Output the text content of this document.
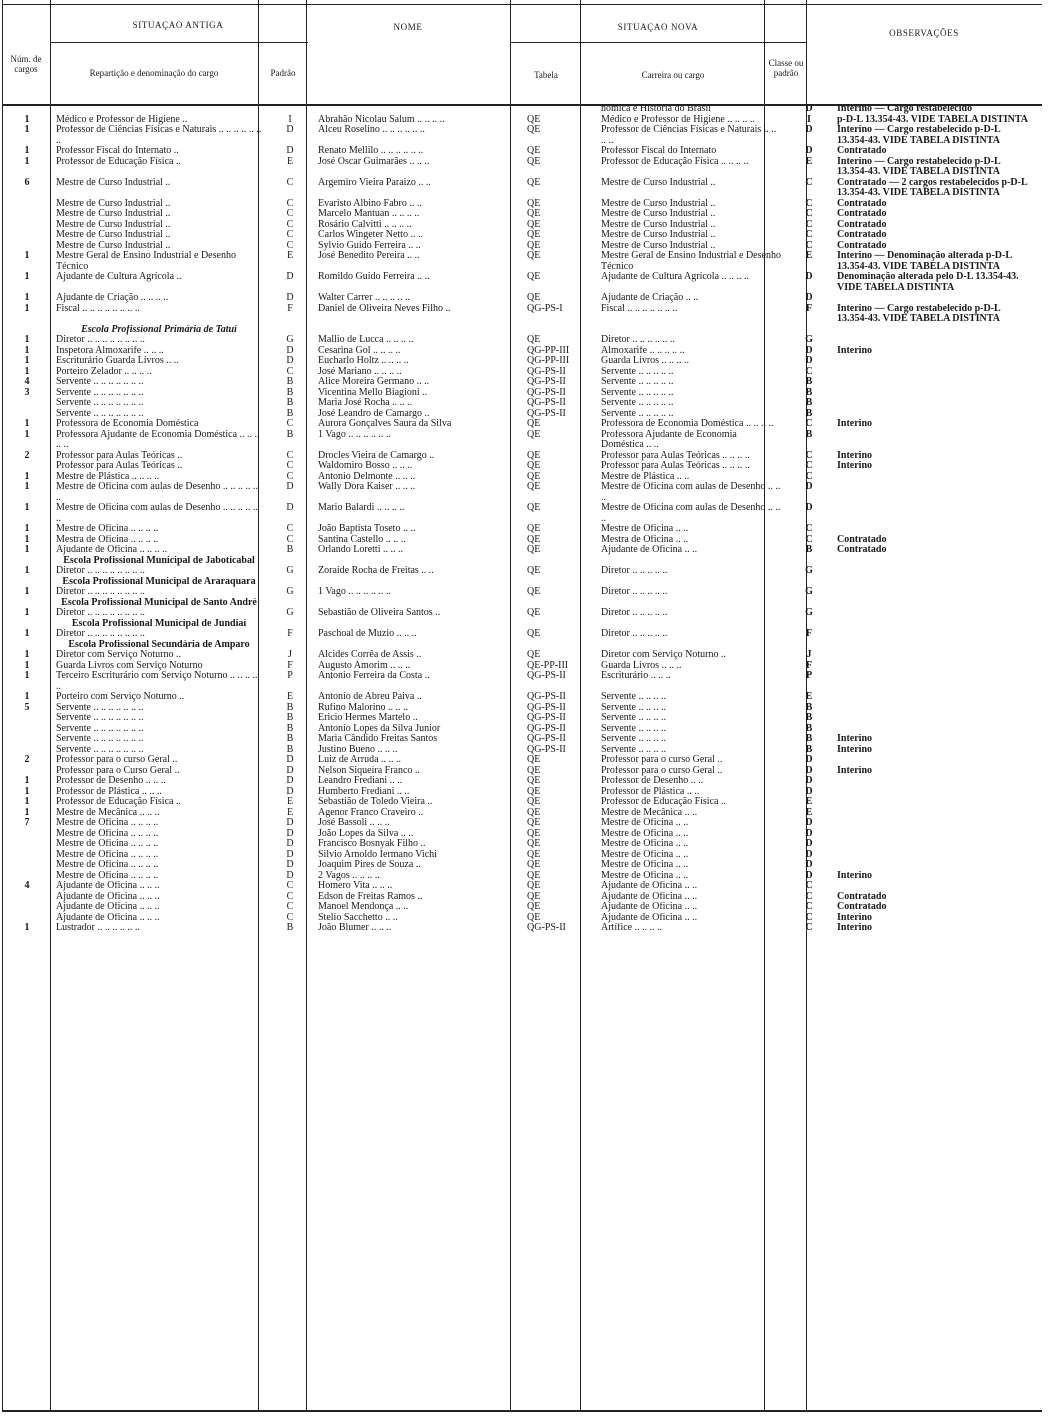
SITUAÇAO ANTIGA	NOME	SITUAÇAO NOVA
OBSERVAÇÕES
Núm. de cargos	Repartição e denominação do cargo	Padrão	Tabela	Carreira ou cargo
Classe ou padrão
					nômica e História do Brasil	D	Interino — Cargo restabelecido
1	Médico e Professor de Higiene ..	I	Abrahão Nicolau Salum .. .. .. ..	QE	Médico e Professor de Higiene .. .. .. ..	I	p-D-L 13.354-43. VIDE TABELA DISTINTA
1	Professor de Ciências Físicas e Naturais .. .. .. .. .. .. ..	D	Alceu Roselino .. .. .. .. .. ..	QE	Professor de Ciências Físicas e Naturais .. .. .. ..	D	Interino — Cargo restabelecido p-D-L 13.354-43. VIDE TABELA DISTINTA
1	Professor Fiscal do Internato ..	D	Renato Mellilo .. .. .. .. .. ..	QE	Professor Fiscal do Internato	D	Contratado
1	Professor de Educação Física ..	E	José Oscar Guimarães .. .. ..	QE	Professor de Educação Física .. .. .. ..	E	Interino — Cargo restabelecido p-D-L 13.354-43. VIDE TABELA DISTINTA
6	Mestre de Curso Industrial ..	C	Argemiro Vieira Paraizo .. ..	QE	Mestre de Curso Industrial ..	C	Contratado — 2 cargos restabelecidos p-D-L 13.354-43. VIDE TABELA DISTINTA
	Mestre de Curso Industrial ..	C	Evaristo Albino Fabro .. ..	QE	Mestre de Curso Industrial ..	C	Contratado
	Mestre de Curso Industrial ..	C	Marcelo Mantuan .. .. .. ..	QE	Mestre de Curso Industrial ..	C	Contratado
	Mestre de Curso Industrial ..	C	Rosário Calvitti .. .. .. ..	QE	Mestre de Curso Industrial ..	C	Contratado
	Mestre de Curso Industrial ..	C	Carlos Wingeter Netto .. ..	QE	Mestre de Curso Industrial ..	C	Contratado
	Mestre de Curso Industrial ..	C	Sylvio Guido Ferreira .. ..	QE	Mestre de Curso Industrial ..	C	Contratado
1	Mestre Geral de Ensino Industrial e Desenho Técnico	E	José Benedito Pereira .. ..	QE	Mestre Geral de Ensino Industrial e Desenho Técnico	E	Interino — Denominação alterada p-D-L 13.354-43. VIDE TABELA DISTINTA
1	Ajudante de Cultura Agrícola ..	D	Romildo Guido Ferreira .. ..	QE	Ajudante de Cultura Agrícola .. .. .. ..	D	Denominação alterada pelo D-L 13.354-43. VIDE TABELA DISTINTA
1	Ajudante de Criação .. .. .. ..	D	Walter Carrer .. .. .. .. ..	QE	Ajudante de Criação .. ..	D	
1	Fiscal .. .. .. .. .. .. .. ..	F	Daniel de Oliveira Neves Filho ..	QG-PS-I	Fiscal .. .. .. .. .. .. ..	F	Interino — Cargo restabelecido p-D-L 13.354-43. VIDE TABELA DISTINTA
	Escola Profissional Primária de Tatuí						
1	Diretor .. .. .. .. .. .. .. ..	G	Mallio de Lucca .. .. .. ..	QE	Diretor .. .. .. .. .. ..	G	
1	Inspetora Almoxarife .. .. ..	D	Cesarina Gol .. .. .. ..	QG-PP-III	Almoxarife .. .. .. .. ..	D	Interino
1	Escriturário Guarda Livros .. ..	D	Eucharlo Holtz .. .. .. ..	QG-PP-III	Guarda Livros .. .. .. ..	D	
1	Porteiro Zelador .. .. .. ..	C	José Mariano .. .. .. ..	QG-PS-II	Servente .. .. .. .. ..	C	
4	Servente .. .. .. .. .. .. ..	B	Alice Moreira Germano .. ..	QG-PS-II	Servente .. .. .. .. ..	B	
3	Servente .. .. .. .. .. .. ..	B	Vicentina Mello Biagioni ..	QG-PS-II	Servente .. .. .. .. ..	B	
	Servente .. .. .. .. .. .. ..	B	Maria José Rocha .. .. ..	QG-PS-II	Servente .. .. .. .. ..	B	
	Servente .. .. .. .. .. .. ..	B	José Leandro de Camargo ..	QG-PS-II	Servente .. .. .. .. ..	B	
1	Professora de Economia Doméstica	C	Aurora Gonçalves Saura da Silva	QE	Professora de Economia Doméstica .. .. .. ..	C	Interino
1	Professora Ajudante de Economia Doméstica .. .. .. .. ..	B	1 Vago .. .. .. .. .. ..	QE	Professora Ajudante de Economia Doméstica .. ..	B	
2	Professor para Aulas Teóricas ..	C	Drocles Vieira de Camargo ..	QE	Professor para Aulas Teóricas .. .. .. ..	C	Interino
	Professor para Aulas Teóricas ..	C	Waldomiro Bosso .. .. ..	QE	Professor para Aulas Teóricas .. .. .. ..	C	Interino
1	Mestre de Plástica .. .. .. ..	C	Antonio Delmonte .. .. ..	QE	Mestre de Plástica .. ..	C	
1	Mestre de Oficina com aulas de Desenho .. .. .. .. .. ..	D	Wally Dora Kaiser .. .. ..	QE	Mestre de Oficina com aulas de Desenho .. .. ..	D	
1	Mestre de Oficina com aulas de Desenho .. .. .. .. .. ..	D	Mario Balardi .. .. .. ..	QE	Mestre de Oficina com aulas de Desenho .. .. ..	D	
1	Mestre de Oficina .. .. .. ..	C	João Baptista Toseto .. ..	QE	Mestre de Oficina .. ..	C	
1	Mestra de Oficina .. .. .. ..	C	Santina Castello .. .. ..	QE	Mestra de Oficina .. ..	C	Contratado
1	Ajudante de Oficina .. .. .. ..	B	Orlando Loretti .. .. ..	QE	Ajudante de Oficina .. ..	B	Contratado
	Escola Profissional Municipal de Jaboticabal						
1	Diretor .. .. .. .. .. .. .. ..	G	Zoraide Rocha de Freitas .. ..	QE	Diretor .. .. .. .. ..	G	
	Escola Profissional Municipal de Araraquara						
1	Diretor .. .. .. .. .. .. .. ..	G	1 Vago .. .. .. .. .. ..	QE	Diretor .. .. .. .. ..	G	
	Escola Profissional Municipal de Santo André						
1	Diretor .. .. .. .. .. .. .. ..	G	Sebastião de Oliveira Santos ..	QE	Diretor .. .. .. .. ..	G	
	Escola Profissional Municipal de Jundiaí						
1	Diretor .. .. .. .. .. .. .. ..	F	Paschoal de Muzio .. .. ..	QE	Diretor .. .. .. .. ..	F	
	Escola Profissional Secundária de Amparo						
1	Diretor com Serviço Noturno ..	J	Alcides Corrêa de Assis ..	QE	Diretor com Serviço Noturno ..	J	
1	Guarda Livros com Serviço Noturno	F	Augusto Amorim .. .. ..	QE-PP-III	Guarda Livros .. .. ..	F	
1	Terceiro Escriturário com Serviço Noturno .. .. .. .. ..	P	Antonio Ferreira da Costa ..	QG-PS-II	Escriturário .. .. ..	P	
1	Porteiro com Serviço Noturno ..	E	Antonio de Abreu Paiva ..	QG-PS-II	Servente .. .. .. ..	E	
5	Servente .. .. .. .. .. .. ..	B	Rufino Malorino .. .. ..	QG-PS-II	Servente .. .. .. ..	B	
	Servente .. .. .. .. .. .. ..	B	Ericio Hermes Martelo ..	QG-PS-II	Servente .. .. .. ..	B	
	Servente .. .. .. .. .. .. ..	B	Antonio Lopes da Silva Junior	QG-PS-II	Servente .. .. .. ..	B	
	Servente .. .. .. .. .. .. ..	B	Maria Cândido Freitas Santos	QG-PS-II	Servente .. .. .. ..	B	Interino
	Servente .. .. .. .. .. .. ..	B	Justino Bueno .. .. ..	QG-PS-II	Servente .. .. .. ..	B	Interino
2	Professor para o curso Geral ..	D	Luiz de Arruda .. .. ..	QE	Professor para o curso Geral ..	D	
	Professor para o Curso Geral ..	D	Nelson Siqueira Franco ..	QE	Professor para o curso Geral ..	D	Interino
1	Professor de Desenho .. .. ..	D	Leandro Frediani .. ..	QE	Professor de Desenho .. ..	D	
1	Professor de Plástica .. .. ..	D	Humberto Frediani .. ..	QE	Professor de Plástica .. ..	D	
1	Professor de Educação Física ..	E	Sebastião de Toledo Vieira ..	QE	Professor de Educação Física ..	E	
1	Mestre de Mecânica .. .. ..	E	Agenor Franco Craveiro ..	QE	Mestre de Mecânica .. ..	E	
7	Mestre de Oficina .. .. .. ..	D	José Bassoli .. .. ..	QE	Mestre de Oficina .. ..	D	
	Mestre de Oficina .. .. .. ..	D	João Lopes da Silva .. ..	QE	Mestre de Oficina .. ..	D	
	Mestre de Oficina .. .. .. ..	D	Francisco Bosnyak Filho ..	QE	Mestre de Oficina .. ..	D	
	Mestre de Oficina .. .. .. ..	D	Silvio Arnoldo Iermano Vichi	QE	Mestre de Oficina .. ..	D	
	Mestre de Oficina .. .. .. ..	D	Joaquim Pires de Souza ..	QE	Mestre de Oficina .. ..	D	
	Mestre de Oficina .. .. .. ..	D	2 Vagos .. .. .. ..	QE	Mestre de Oficina .. ..	D	Interino
4	Ajudante de Oficina .. .. ..	C	Homero Vita .. .. ..	QE	Ajudante de Oficina .. ..	C	
	Ajudante de Oficina .. .. ..	C	Edson de Freitas Ramos ..	QE	Ajudante de Oficina .. ..	C	Contratado
	Ajudante de Oficina .. .. ..	C	Manoel Mendonça .. ..	QE	Ajudante de Oficina .. ..	C	Contratado
	Ajudante de Oficina .. .. ..	C	Stelio Sacchetto .. ..	QE	Ajudante de Oficina .. ..	C	Interino
1	Lustrador .. .. .. .. .. ..	B	João Blumer .. .. ..	QG-PS-II	Artífice .. .. .. ..	C	Interino
